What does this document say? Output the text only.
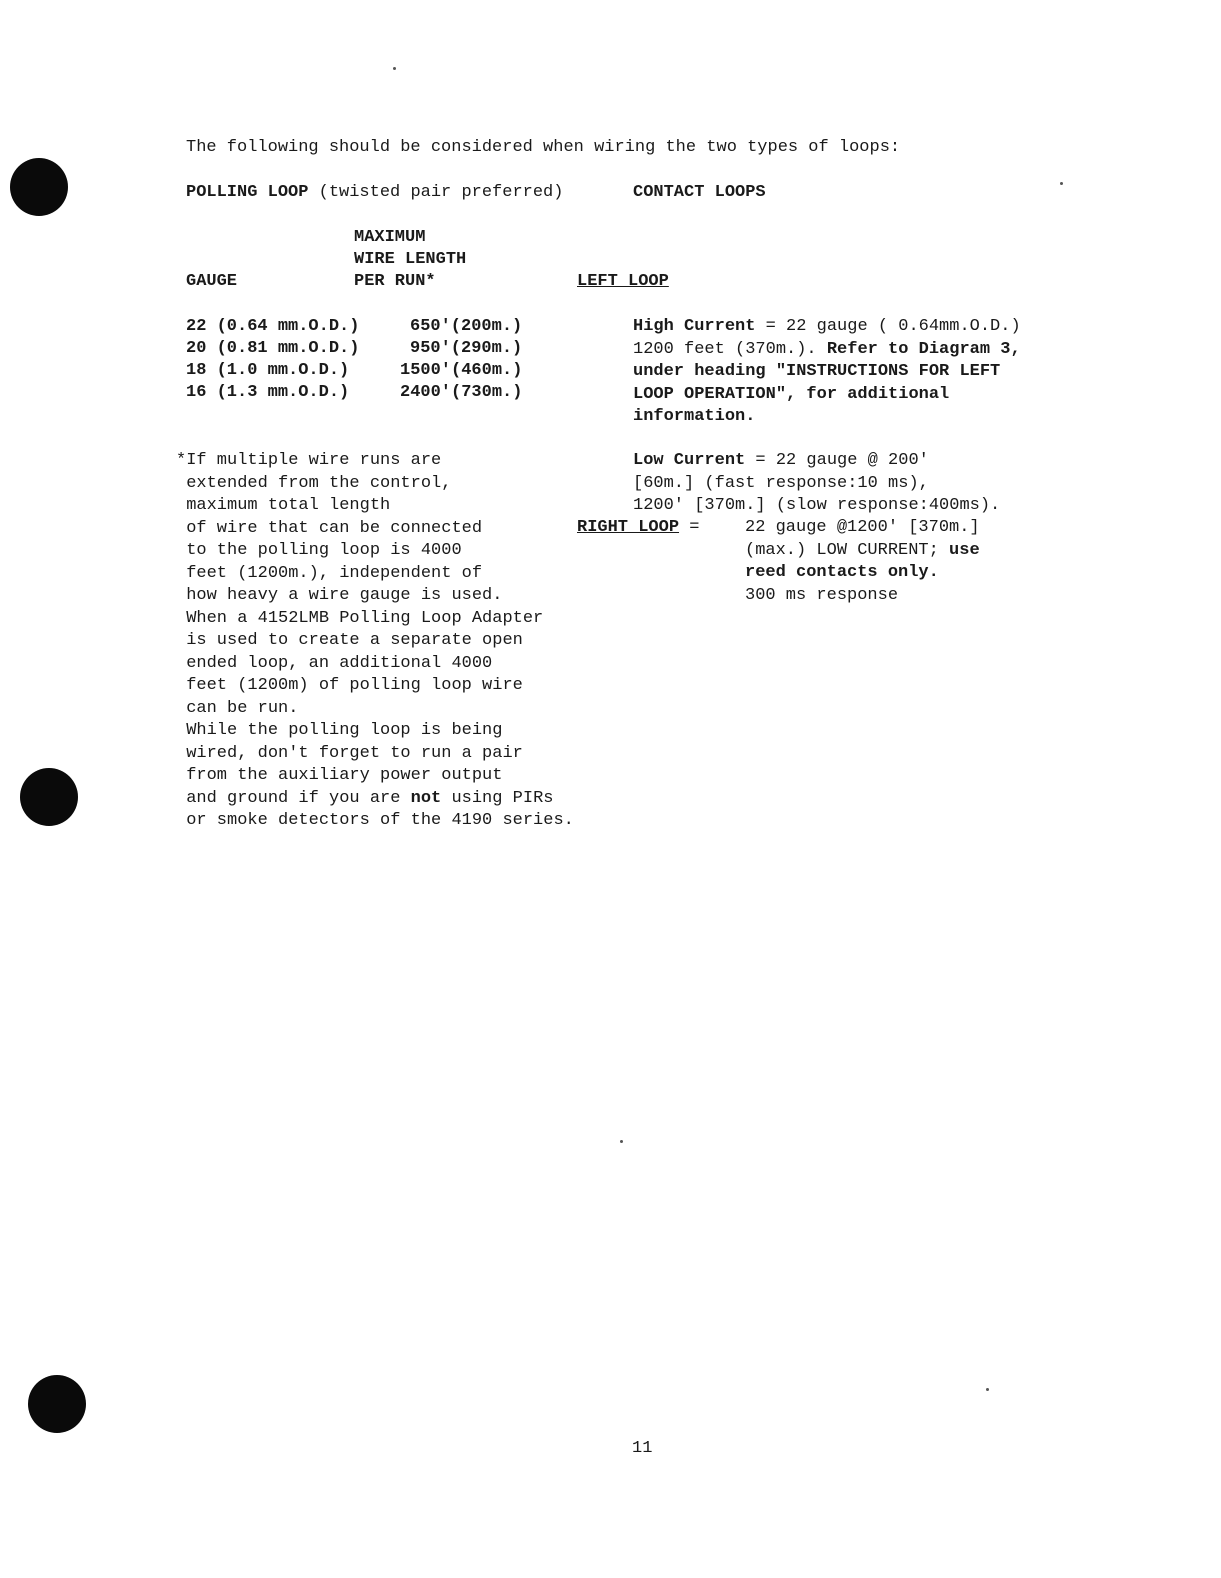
The following should be considered when wiring the two types of loops:
POLLING LOOP (twisted pair preferred)	CONTACT LOOPS
MAXIMUM
WIRE LENGTH
PER RUN*
GAUGE	LEFT LOOP
22 (0.64 mm.O.D.)	650'(200m.)
20 (0.81 mm.O.D.)	950'(290m.)
18 (1.0 mm.O.D.)	1500'(460m.)
16 (1.3 mm.O.D.)	2400'(730m.)
High Current = 22 gauge ( 0.64mm.O.D.)
1200 feet (370m.). Refer to Diagram 3,
under heading "INSTRUCTIONS FOR LEFT
LOOP OPERATION", for additional
information.
Low Current = 22 gauge @ 200'
[60m.] (fast response:10 ms),
1200' [370m.] (slow response:400ms).
RIGHT LOOP = 22 gauge @1200' [370m.]
(max.) LOW CURRENT; use
reed contacts only.
300 ms response
*If multiple wire runs are
extended from the control,
maximum total length
of wire that can be connected
to the polling loop is 4000
feet (1200m.), independent of
how heavy a wire gauge is used.
When a 4152LMB Polling Loop Adapter
is used to create a separate open
ended loop, an additional 4000
feet (1200m) of polling loop wire
can be run.
While the polling loop is being
wired, don't forget to run a pair
from the auxiliary power output
and ground if you are not using PIRs
or smoke detectors of the 4190 series.
11
